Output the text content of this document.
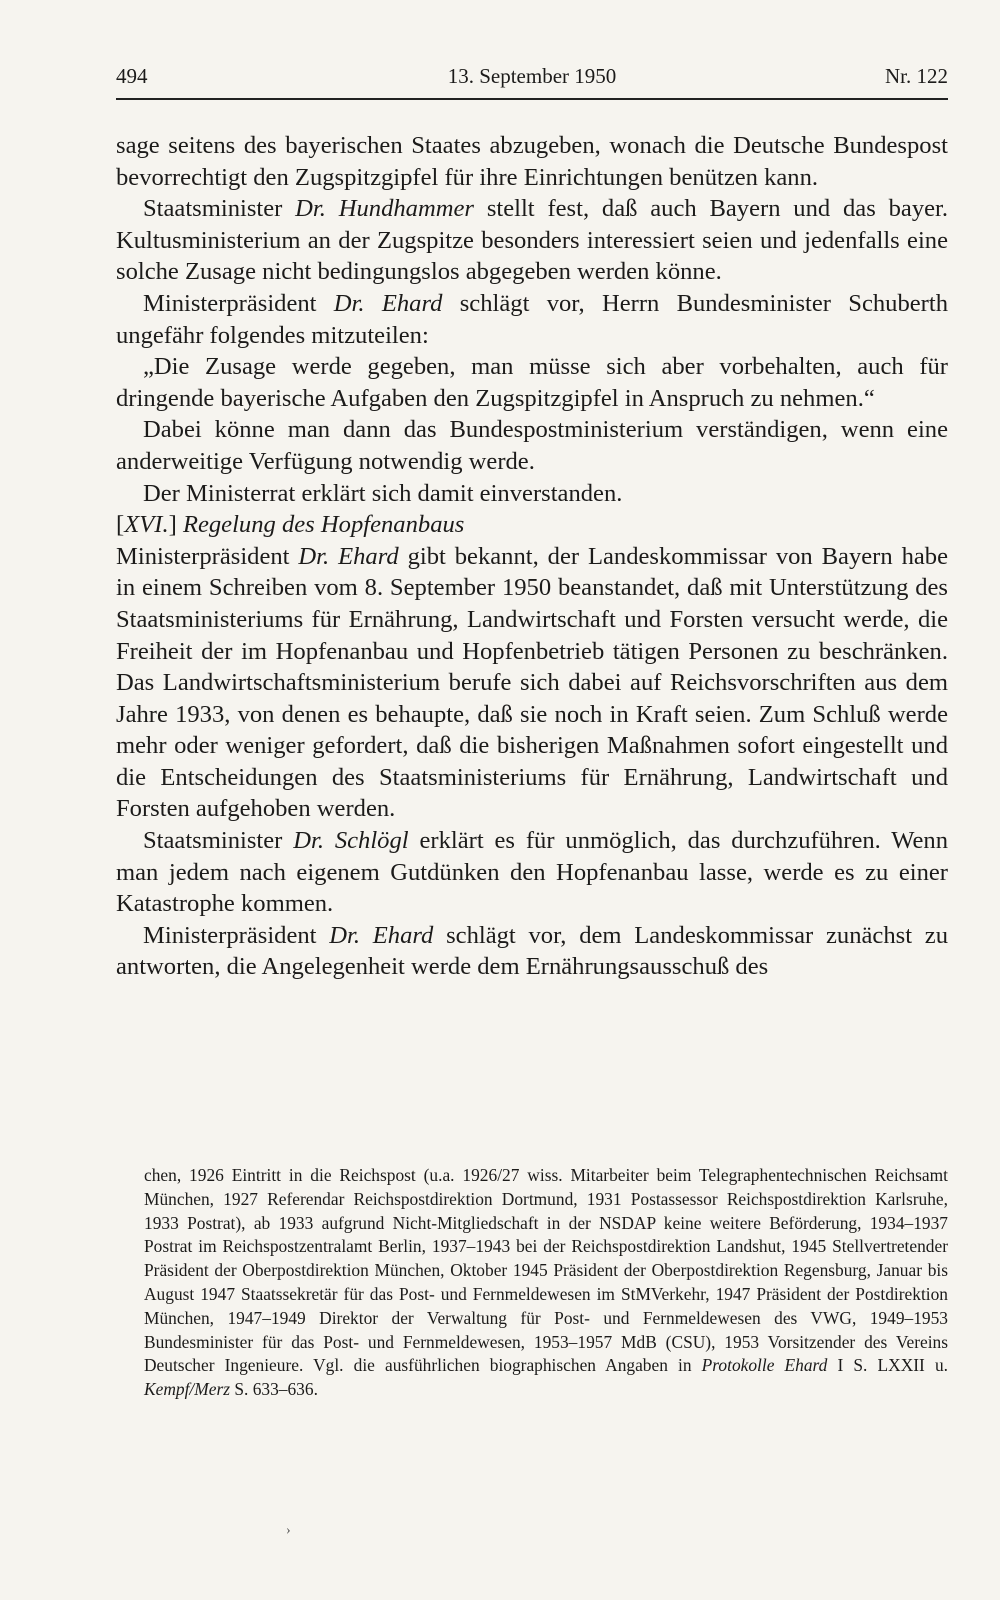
494	13. September 1950	Nr. 122

sage seitens des bayerischen Staates abzugeben, wonach die Deutsche Bundespost bevorrechtigt den Zugspitzgipfel für ihre Einrichtungen benützen kann.

Staatsminister Dr. Hundhammer stellt fest, daß auch Bayern und das bayer. Kultusministerium an der Zugspitze besonders interessiert seien und jedenfalls eine solche Zusage nicht bedingungslos abgegeben werden könne.

Ministerpräsident Dr. Ehard schlägt vor, Herrn Bundesminister Schuberth ungefähr folgendes mitzuteilen:

„Die Zusage werde gegeben, man müsse sich aber vorbehalten, auch für dringende bayerische Aufgaben den Zugspitzgipfel in Anspruch zu nehmen.“

Dabei könne man dann das Bundespostministerium verständigen, wenn eine anderweitige Verfügung notwendig werde.

Der Ministerrat erklärt sich damit einverstanden.

[XVI.] Regelung des Hopfenanbaus

Ministerpräsident Dr. Ehard gibt bekannt, der Landeskommissar von Bayern habe in einem Schreiben vom 8. September 1950 beanstandet, daß mit Unterstützung des Staatsministeriums für Ernährung, Landwirtschaft und Forsten versucht werde, die Freiheit der im Hopfenanbau und Hopfenbetrieb tätigen Personen zu beschränken. Das Landwirtschaftsministerium berufe sich dabei auf Reichsvorschriften aus dem Jahre 1933, von denen es behaupte, daß sie noch in Kraft seien. Zum Schluß werde mehr oder weniger gefordert, daß die bisherigen Maßnahmen sofort eingestellt und die Entscheidungen des Staatsministeriums für Ernährung, Landwirtschaft und Forsten aufgehoben werden.

Staatsminister Dr. Schlögl erklärt es für unmöglich, das durchzuführen. Wenn man jedem nach eigenem Gutdünken den Hopfenanbau lasse, werde es zu einer Katastrophe kommen.

Ministerpräsident Dr. Ehard schlägt vor, dem Landeskommissar zunächst zu antworten, die Angelegenheit werde dem Ernährungsausschuß des

chen, 1926 Eintritt in die Reichspost (u.a. 1926/27 wiss. Mitarbeiter beim Telegraphentechnischen Reichsamt München, 1927 Referendar Reichspostdirektion Dortmund, 1931 Postassessor Reichspostdirektion Karlsruhe, 1933 Postrat), ab 1933 aufgrund Nicht-Mitgliedschaft in der NSDAP keine weitere Beförderung, 1934–1937 Postrat im Reichspostzentralamt Berlin, 1937–1943 bei der Reichspostdirektion Landshut, 1945 Stellvertretender Präsident der Oberpostdirektion München, Oktober 1945 Präsident der Oberpostdirektion Regensburg, Januar bis August 1947 Staatssekretär für das Post- und Fernmeldewesen im StMVerkehr, 1947 Präsident der Postdirektion München, 1947–1949 Direktor der Verwaltung für Post- und Fernmeldewesen des VWG, 1949–1953 Bundesminister für das Post- und Fernmeldewesen, 1953–1957 MdB (CSU), 1953 Vorsitzender des Vereins Deutscher Ingenieure. Vgl. die ausführlichen biographischen Angaben in Protokolle Ehard I S. LXXII u. Kempf/Merz S. 633–636.

›
